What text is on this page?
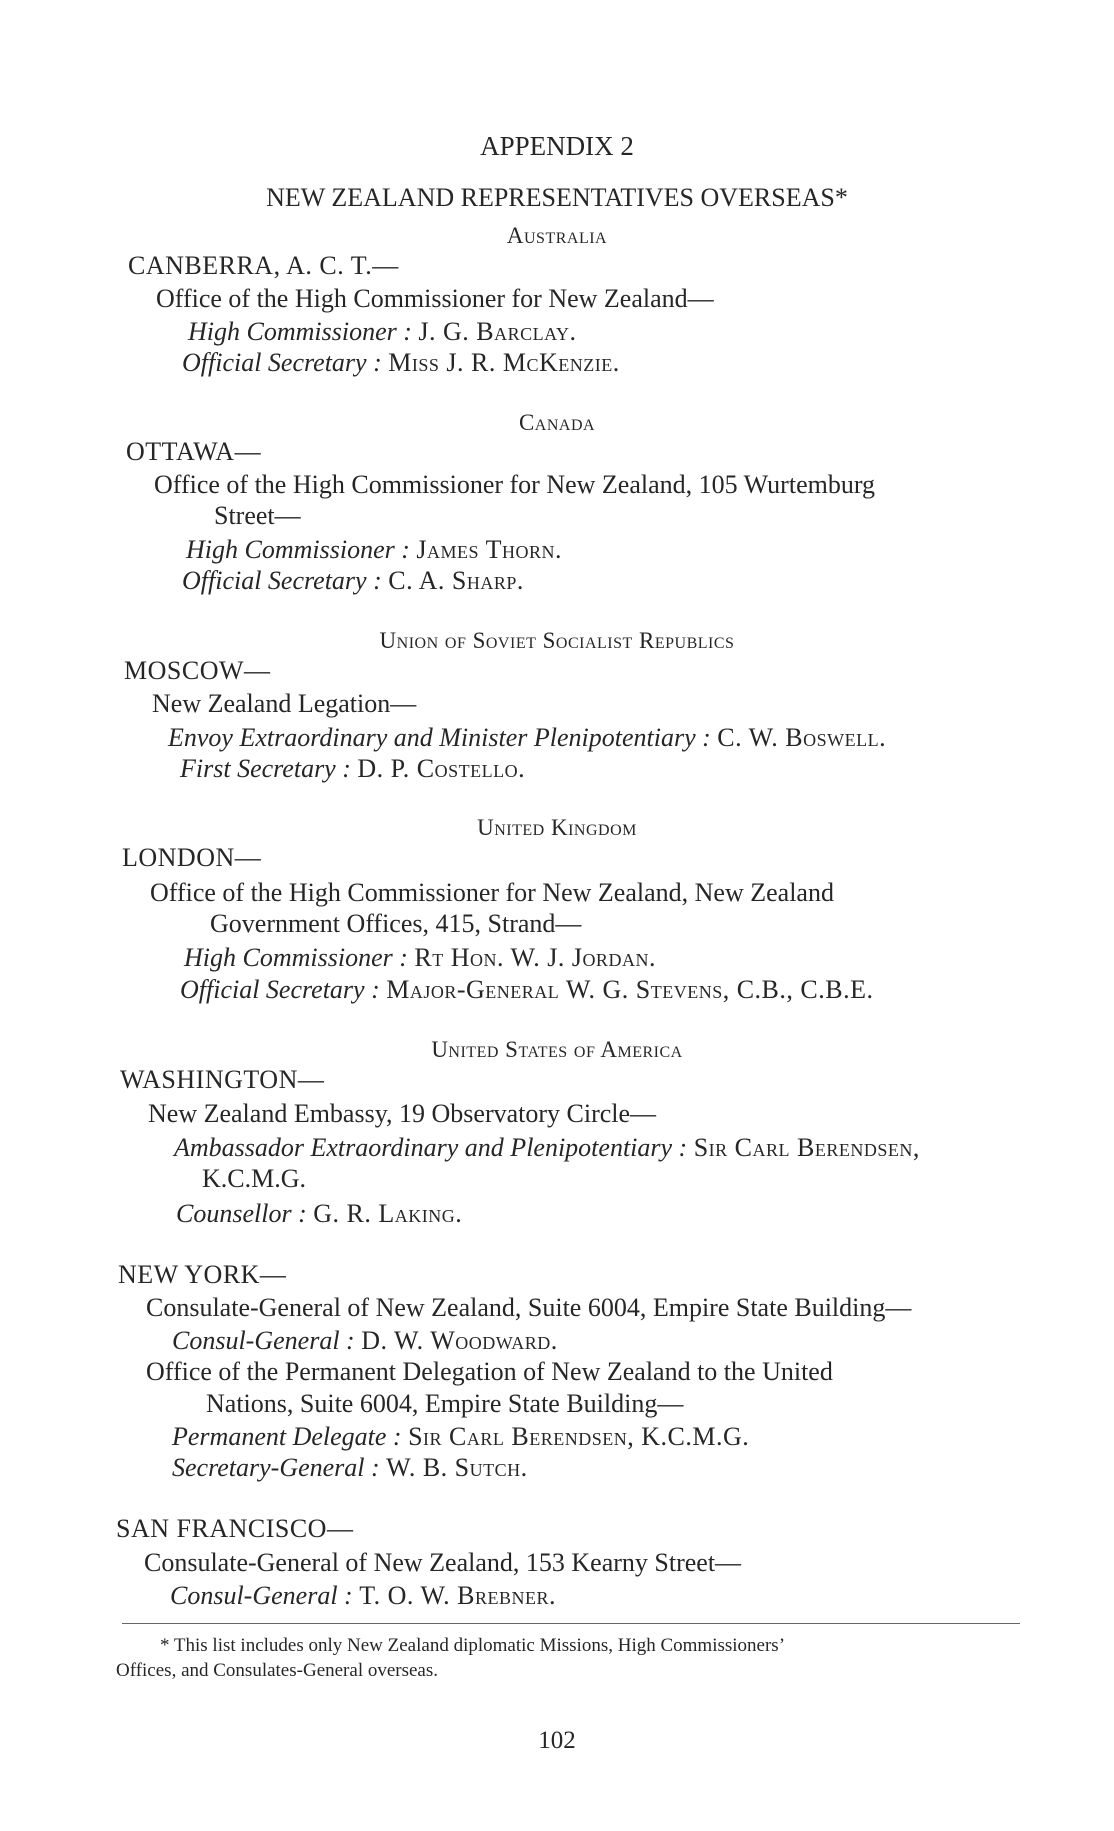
APPENDIX 2
NEW ZEALAND REPRESENTATIVES OVERSEAS*
Australia
CANBERRA, A. C. T.—
Office of the High Commissioner for New Zealand—
High Commissioner : J. G. Barclay.
Official Secretary : Miss J. R. McKenzie.
Canada
OTTAWA—
Office of the High Commissioner for New Zealand, 105 Wurtemburg
Street—
High Commissioner : James Thorn.
Official Secretary : C. A. Sharp.
Union of Soviet Socialist Republics
MOSCOW—
New Zealand Legation—
Envoy Extraordinary and Minister Plenipotentiary : C. W. Boswell.
First Secretary : D. P. Costello.
United Kingdom
LONDON—
Office of the High Commissioner for New Zealand, New Zealand
Government Offices, 415, Strand—
High Commissioner : Rt Hon. W. J. Jordan.
Official Secretary : Major-General W. G. Stevens, C.B., C.B.E.
United States of America
WASHINGTON—
New Zealand Embassy, 19 Observatory Circle—
Ambassador Extraordinary and Plenipotentiary : Sir Carl Berendsen,
K.C.M.G.
Counsellor : G. R. Laking.
NEW YORK—
Consulate-General of New Zealand, Suite 6004, Empire State Building—
Consul-General : D. W. Woodward.
Office of the Permanent Delegation of New Zealand to the United
Nations, Suite 6004, Empire State Building—
Permanent Delegate : Sir Carl Berendsen, K.C.M.G.
Secretary-General : W. B. Sutch.
SAN FRANCISCO—
Consulate-General of New Zealand, 153 Kearny Street—
Consul-General : T. O. W. Brebner.
* This list includes only New Zealand diplomatic Missions, High Commissioners’
Offices, and Consulates-General overseas.
102
